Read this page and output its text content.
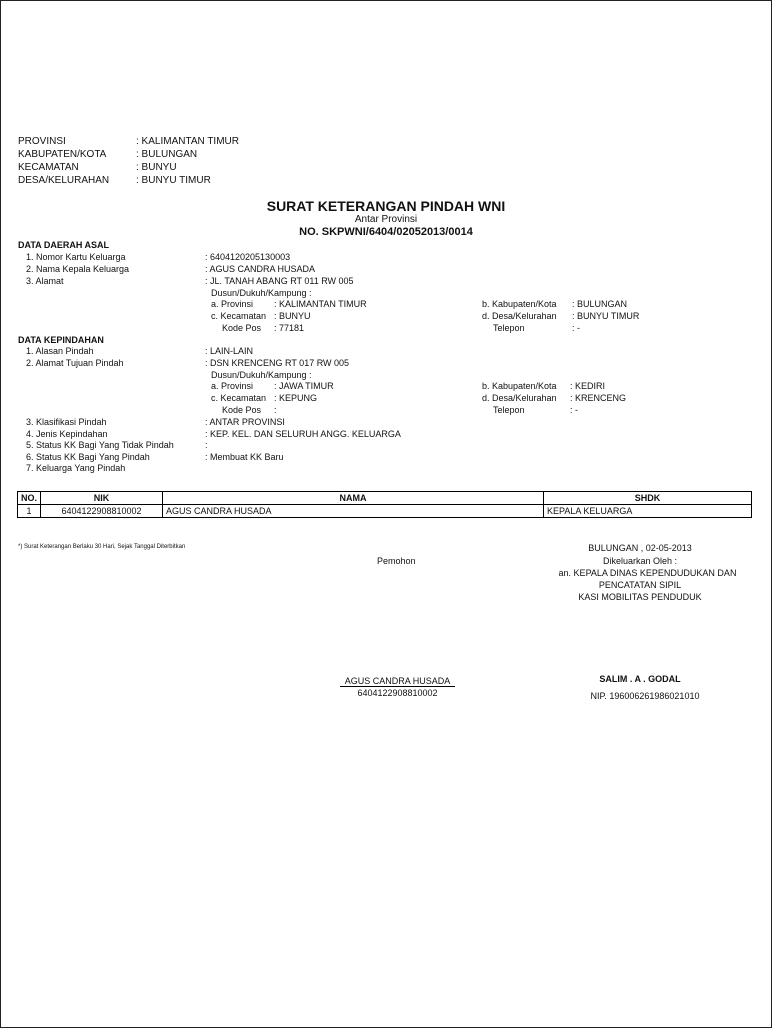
PROVINSI	: KALIMANTAN TIMUR
KABUPATEN/KOTA	: BULUNGAN
KECAMATAN	: BUNYU
DESA/KELURAHAN	: BUNYU TIMUR
SURAT KETERANGAN PINDAH WNI
Antar Provinsi
NO. SKPWNI/6404/02052013/0014
DATA DAERAH ASAL
1. Nomor Kartu Keluarga	: 6404120205130003
2. Nama Kepala Keluarga	: AGUS CANDRA HUSADA
3. Alamat	: JL. TANAH ABANG RT 011 RW 005
Dusun/Dukuh/Kampung :
a. Provinsi : KALIMANTAN TIMUR	b. Kabupaten/Kota : BULUNGAN
c. Kecamatan : BUNYU	d. Desa/Kelurahan : BUNYU TIMUR
Kode Pos : 77181	Telepon	: -
DATA KEPINDAHAN
1. Alasan Pindah	: LAIN-LAIN
2. Alamat Tujuan Pindah	: DSN KRENCENG RT 017 RW 005
Dusun/Dukuh/Kampung :
a. Provinsi : JAWA TIMUR	b. Kabupaten/Kota : KEDIRI
c. Kecamatan : KEPUNG	d. Desa/Kelurahan : KRENCENG
Kode Pos :	Telepon	: -
3. Klasifikasi Pindah	: ANTAR PROVINSI
4. Jenis Kepindahan	: KEP. KEL. DAN SELURUH ANGG. KELUARGA
5. Status KK Bagi Yang Tidak Pindah	:
6. Status KK Bagi Yang Pindah	: Membuat KK Baru
7. Keluarga Yang Pindah
NO.	NIK	NAMA	SHDK
1	6404122908810002	AGUS CANDRA HUSADA	KEPALA KELUARGA
*) Surat Keterangan Berlaku 30 Hari, Sejak Tanggal Diterbitkan
Pemohon
BULUNGAN , 02-05-2013
Dikeluarkan Oleh :
an. KEPALA DINAS KEPENDUDUKAN DAN
PENCATATAN SIPIL
KASI MOBILITAS PENDUDUK
AGUS CANDRA HUSADA
6404122908810002
SALIM . A . GODAL
NIP. 196006261986021010
